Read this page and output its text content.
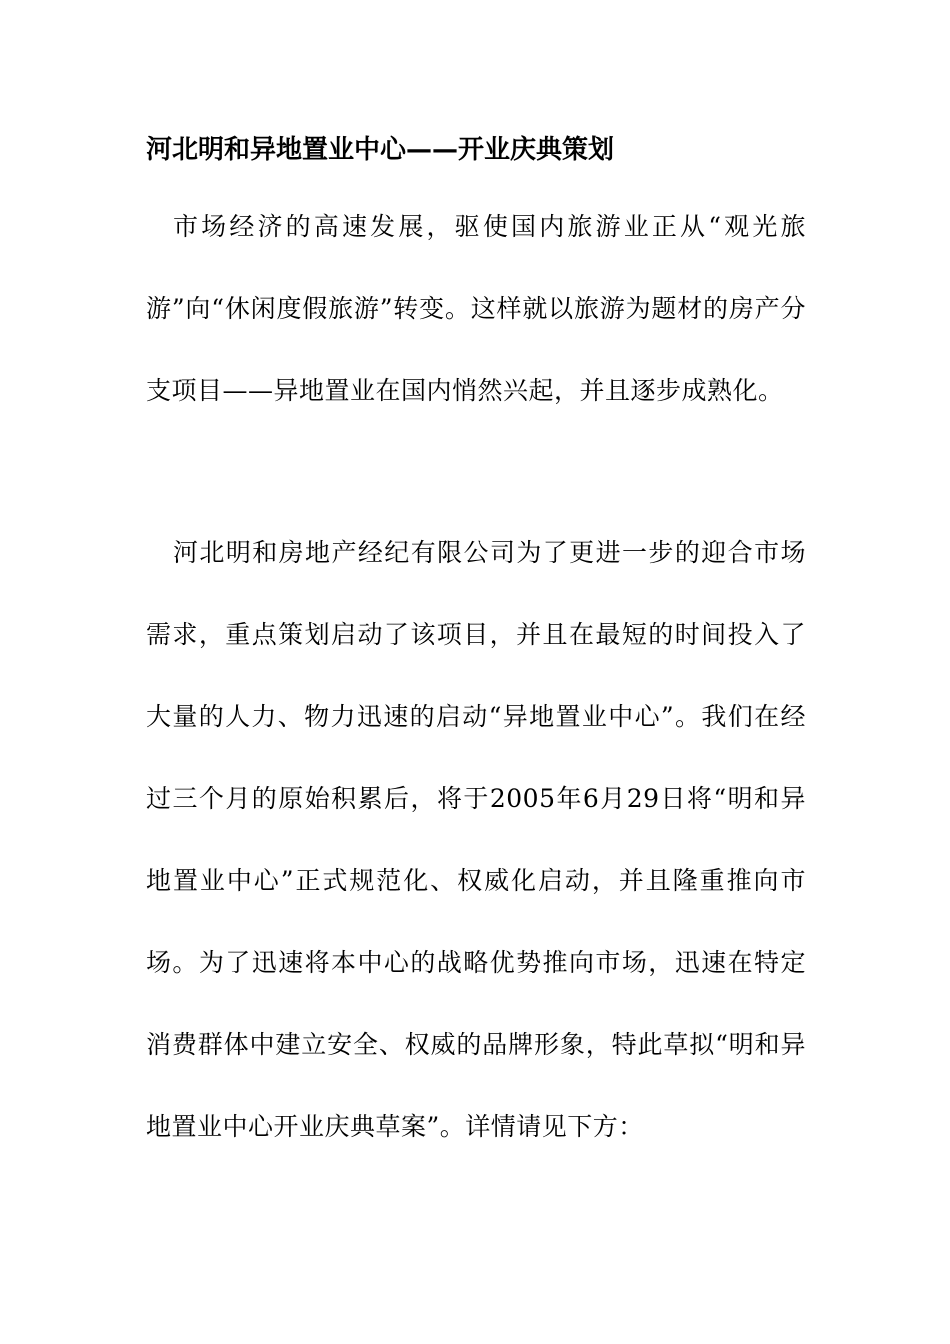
河北明和异地置业中心——开业庆典策划

市场经济的高速发展，驱使国内旅游业正从“观光旅游”向“休闲度假旅游”转变。这样就以旅游为题材的房产分支项目——异地置业在国内悄然兴起，并且逐步成熟化。

河北明和房地产经纪有限公司为了更进一步的迎合市场需求，重点策划启动了该项目，并且在最短的时间投入了大量的人力、物力迅速的启动“异地置业中心”。我们在经过三个月的原始积累后，将于2005年6月29日将“明和异地置业中心”正式规范化、权威化启动，并且隆重推向市场。为了迅速将本中心的战略优势推向市场，迅速在特定消费群体中建立安全、权威的品牌形象，特此草拟“明和异地置业中心开业庆典草案”。详情请见下方：
